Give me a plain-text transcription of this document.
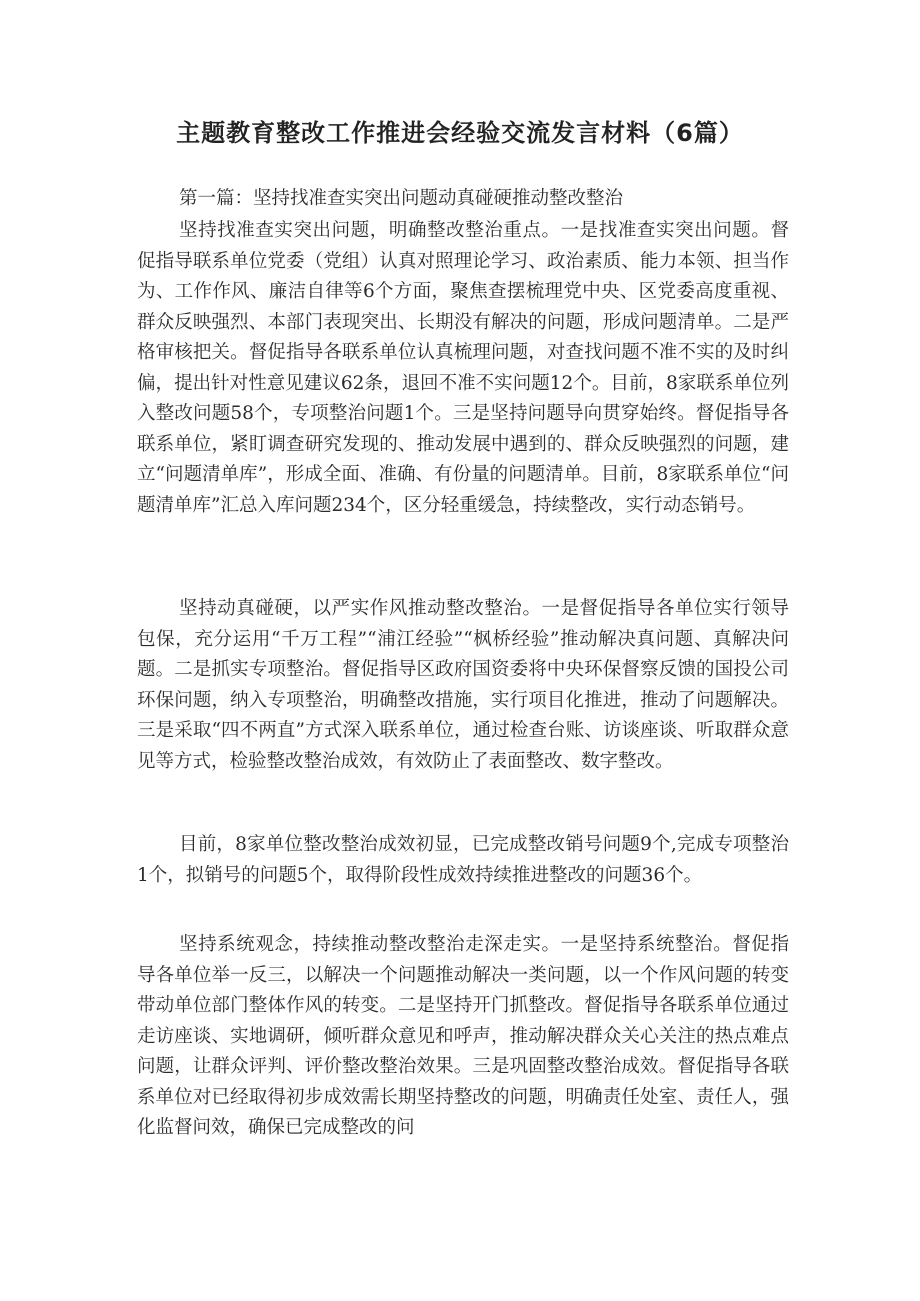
主题教育整改工作推进会经验交流发言材料（6篇）

第一篇：坚持找准查实突出问题动真碰硬推动整改整治

坚持找准查实突出问题，明确整改整治重点。一是找准查实突出问题。督促指导联系单位党委（党组）认真对照理论学习、政治素质、能力本领、担当作为、工作作风、廉洁自律等6个方面，聚焦查摆梳理党中央、区党委高度重视、群众反映强烈、本部门表现突出、长期没有解决的问题，形成问题清单。二是严格审核把关。督促指导各联系单位认真梳理问题，对查找问题不准不实的及时纠偏，提出针对性意见建议62条，退回不准不实问题12个。目前，8家联系单位列入整改问题58个，专项整治问题1个。三是坚持问题导向贯穿始终。督促指导各联系单位，紧盯调查研究发现的、推动发展中遇到的、群众反映强烈的问题，建立“问题清单库”，形成全面、准确、有份量的问题清单。目前，8家联系单位“问题清单库”汇总入库问题234个，区分轻重缓急，持续整改，实行动态销号。

坚持动真碰硬，以严实作风推动整改整治。一是督促指导各单位实行领导包保，充分运用“千万工程”“浦江经验”“枫桥经验”推动解决真问题、真解决问题。二是抓实专项整治。督促指导区政府国资委将中央环保督察反馈的国投公司环保问题，纳入专项整治，明确整改措施，实行项目化推进，推动了问题解决。三是采取“四不两直”方式深入联系单位，通过检查台账、访谈座谈、听取群众意见等方式，检验整改整治成效，有效防止了表面整改、数字整改。

目前，8家单位整改整治成效初显，已完成整改销号问题9个,完成专项整治1个，拟销号的问题5个，取得阶段性成效持续推进整改的问题36个。

坚持系统观念，持续推动整改整治走深走实。一是坚持系统整治。督促指导各单位举一反三，以解决一个问题推动解决一类问题，以一个作风问题的转变带动单位部门整体作风的转变。二是坚持开门抓整改。督促指导各联系单位通过走访座谈、实地调研，倾听群众意见和呼声，推动解决群众关心关注的热点难点问题，让群众评判、评价整改整治效果。三是巩固整改整治成效。督促指导各联系单位对已经取得初步成效需长期坚持整改的问题，明确责任处室、责任人，强化监督问效，确保已完成整改的问
